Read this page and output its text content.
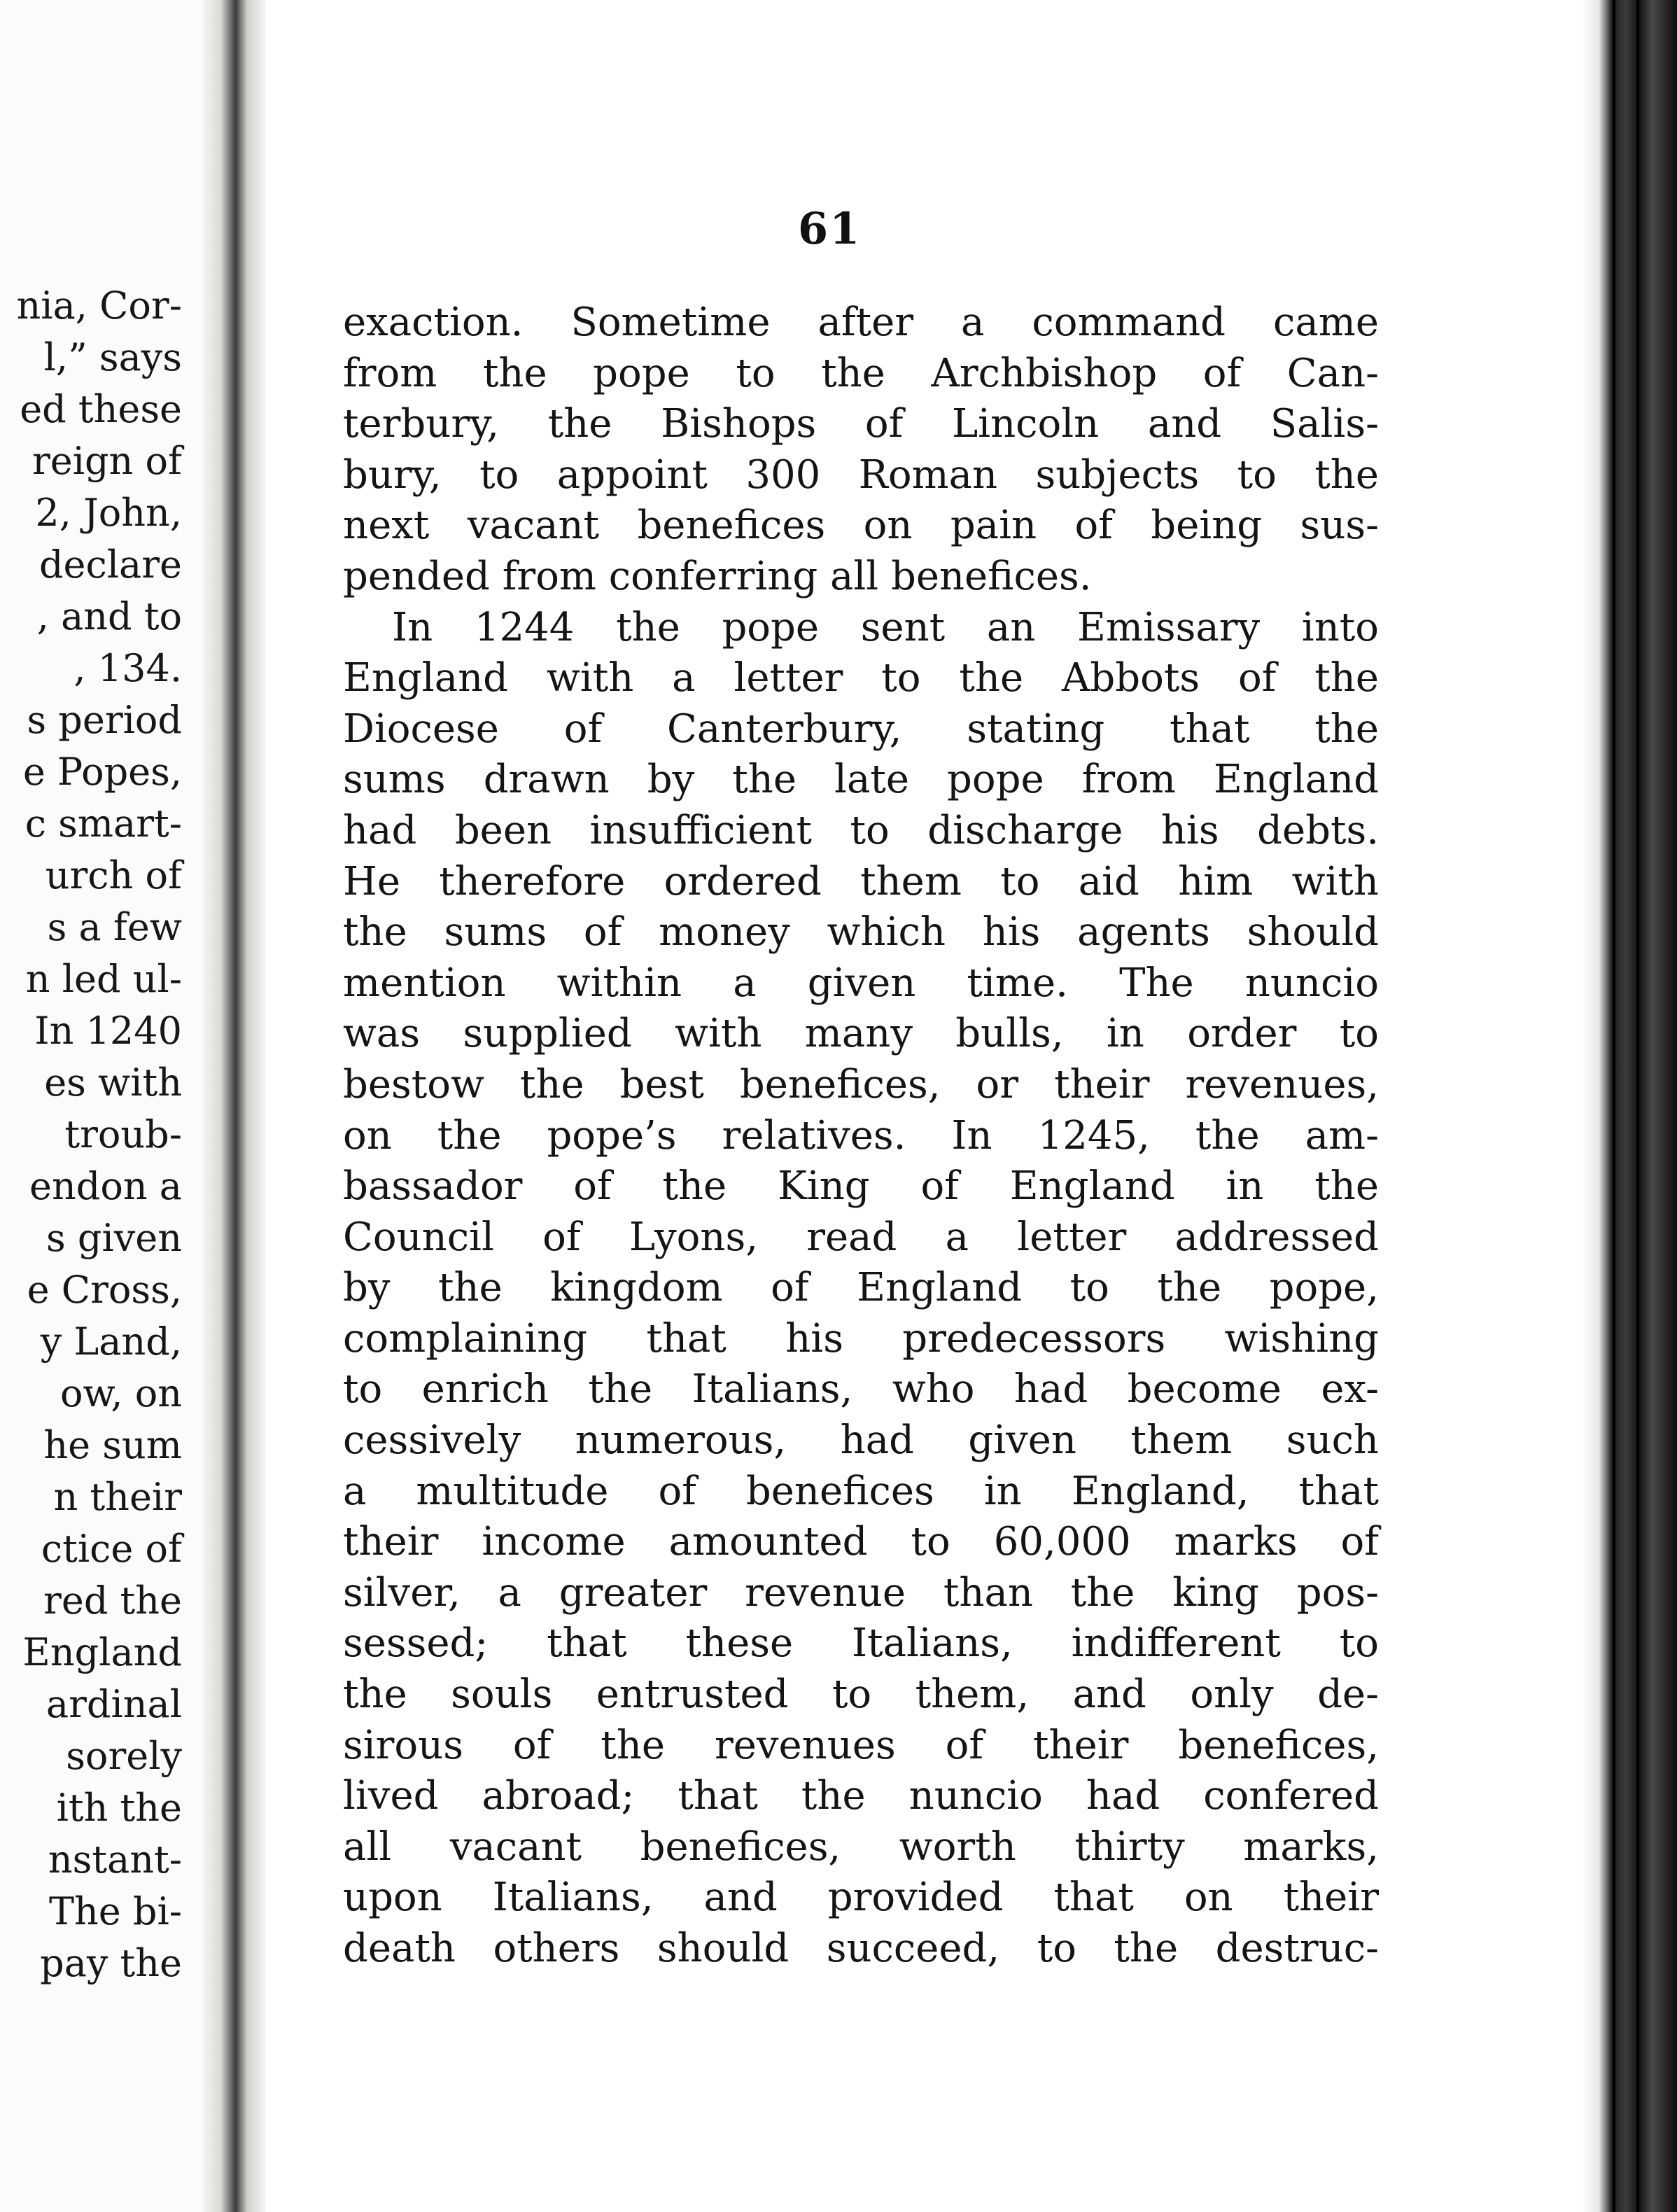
nia, Cor-
l,” says
ed these
reign of
2, John,
declare
, and to
, 134.
s period
e Popes,
c smart-
urch of
s a few
n led ul-
In 1240
es with
troub-
endon a
s given
e Cross,
y Land,
ow, on
he sum
n their
ctice of
red the
England
ardinal
sorely
ith the
nstant-
The bi-
pay the
61
exaction. Sometime after a command came
from the pope to the Archbishop of Can-
terbury, the Bishops of Lincoln and Salis-
bury, to appoint 300 Roman subjects to the
next vacant benefices on pain of being sus-
pended from conferring all benefices.
In 1244 the pope sent an Emissary into
England with a letter to the Abbots of the
Diocese of Canterbury, stating that the
sums drawn by the late pope from England
had been insufficient to discharge his debts.
He therefore ordered them to aid him with
the sums of money which his agents should
mention within a given time. The nuncio
was supplied with many bulls, in order to
bestow the best benefices, or their revenues,
on the pope’s relatives. In 1245, the am-
bassador of the King of England in the
Council of Lyons, read a letter addressed
by the kingdom of England to the pope,
complaining that his predecessors wishing
to enrich the Italians, who had become ex-
cessively numerous, had given them such
a multitude of benefices in England, that
their income amounted to 60,000 marks of
silver, a greater revenue than the king pos-
sessed; that these Italians, indifferent to
the souls entrusted to them, and only de-
sirous of the revenues of their benefices,
lived abroad; that the nuncio had confered
all vacant benefices, worth thirty marks,
upon Italians, and provided that on their
death others should succeed, to the destruc-
